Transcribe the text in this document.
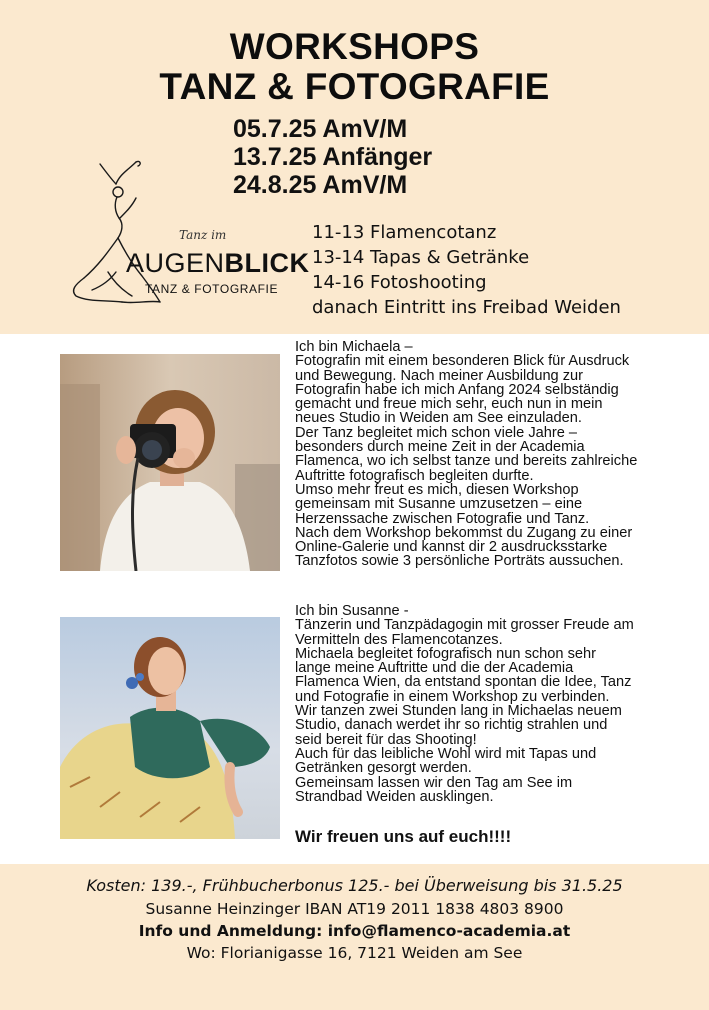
WORKSHOPS
TANZ & FOTOGRAFIE
05.7.25 AmV/M
13.7.25 Anfänger
24.8.25 AmV/M
Tanz im
AUGENBLICK
TANZ & FOTOGRAFIE
11-13 Flamencotanz
13-14 Tapas & Getränke
14-16 Fotoshooting
danach Eintritt ins Freibad Weiden
Ich bin Michaela –
Fotografin mit einem besonderen Blick für Ausdruck
und Bewegung. Nach meiner Ausbildung zur
Fotografin habe ich mich Anfang 2024 selbständig
gemacht und freue mich sehr, euch nun in mein
neues Studio in Weiden am See einzuladen.
Der Tanz begleitet mich schon viele Jahre –
besonders durch meine Zeit in der Academia
Flamenca, wo ich selbst tanze und bereits zahlreiche
Auftritte fotografisch begleiten durfte.
Umso mehr freut es mich, diesen Workshop
gemeinsam mit Susanne umzusetzen – eine
Herzenssache zwischen Fotografie und Tanz.
Nach dem Workshop bekommst du Zugang zu einer
Online-Galerie und kannst dir 2 ausdrucksstarke
Tanzfotos sowie 3 persönliche Porträts aussuchen.
Ich bin Susanne -
Tänzerin und Tanzpädagogin mit grosser Freude am
Vermitteln des Flamencotanzes.
Michaela begleitet fofografisch nun schon sehr
lange meine Auftritte und die der Academia
Flamenca Wien, da entstand spontan die Idee, Tanz
und Fotografie in einem Workshop zu verbinden.
Wir tanzen zwei Stunden lang in Michaelas neuem
Studio, danach werdet ihr so richtig strahlen und
seid bereit für das Shooting!
Auch für das leibliche Wohl wird mit Tapas und
Getränken gesorgt werden.
Gemeinsam lassen wir den Tag am See im
Strandbad Weiden ausklingen.
Wir freuen uns auf euch!!!!
Kosten: 139.-, Frühbucherbonus 125.- bei Überweisung bis 31.5.25
Susanne Heinzinger IBAN AT19 2011 1838 4803 8900
Info und Anmeldung: info@flamenco-academia.at
Wo: Florianigasse 16, 7121 Weiden am See
